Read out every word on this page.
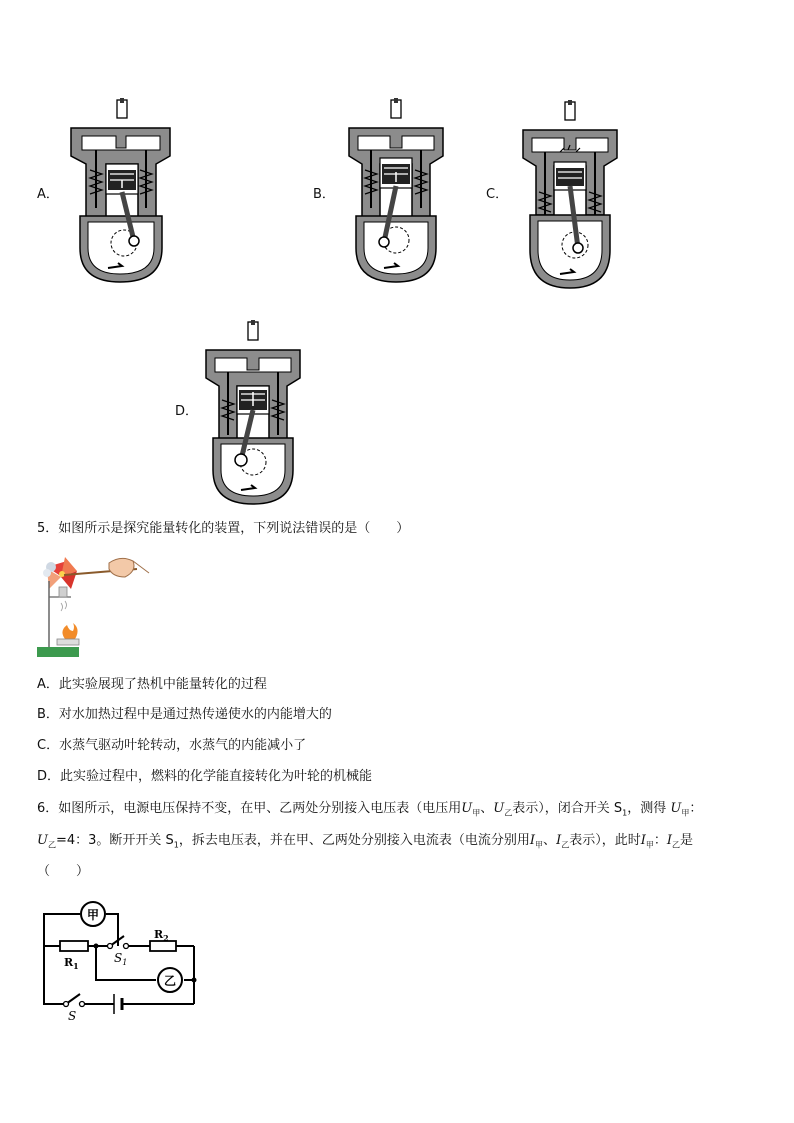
A．	B．	C．
D．
5．如图所示是探究能量转化的装置，下列说法错误的是（　　）
A．此实验展现了热机中能量转化的过程
B．对水加热过程中是通过热传递使水的内能增大的
C．水蒸气驱动叶轮转动，水蒸气的内能减小了
D．此实验过程中，燃料的化学能直接转化为叶轮的机械能
6．如图所示，电源电压保持不变，在甲、乙两处分别接入电压表（电压用$U_甲$、$U_乙$表示），闭合开关 $S_1$，测得 $U_甲$：
$U_乙=4$：3。断开开关 $S_1$，拆去电压表，并在甲、乙两处分别接入电流表（电流分别用$I_甲$、$I_乙$表示），此时$I_甲$：$I_乙$是
（　　）
甲
乙
$R_1$
$R_2$
$S_1$
S
